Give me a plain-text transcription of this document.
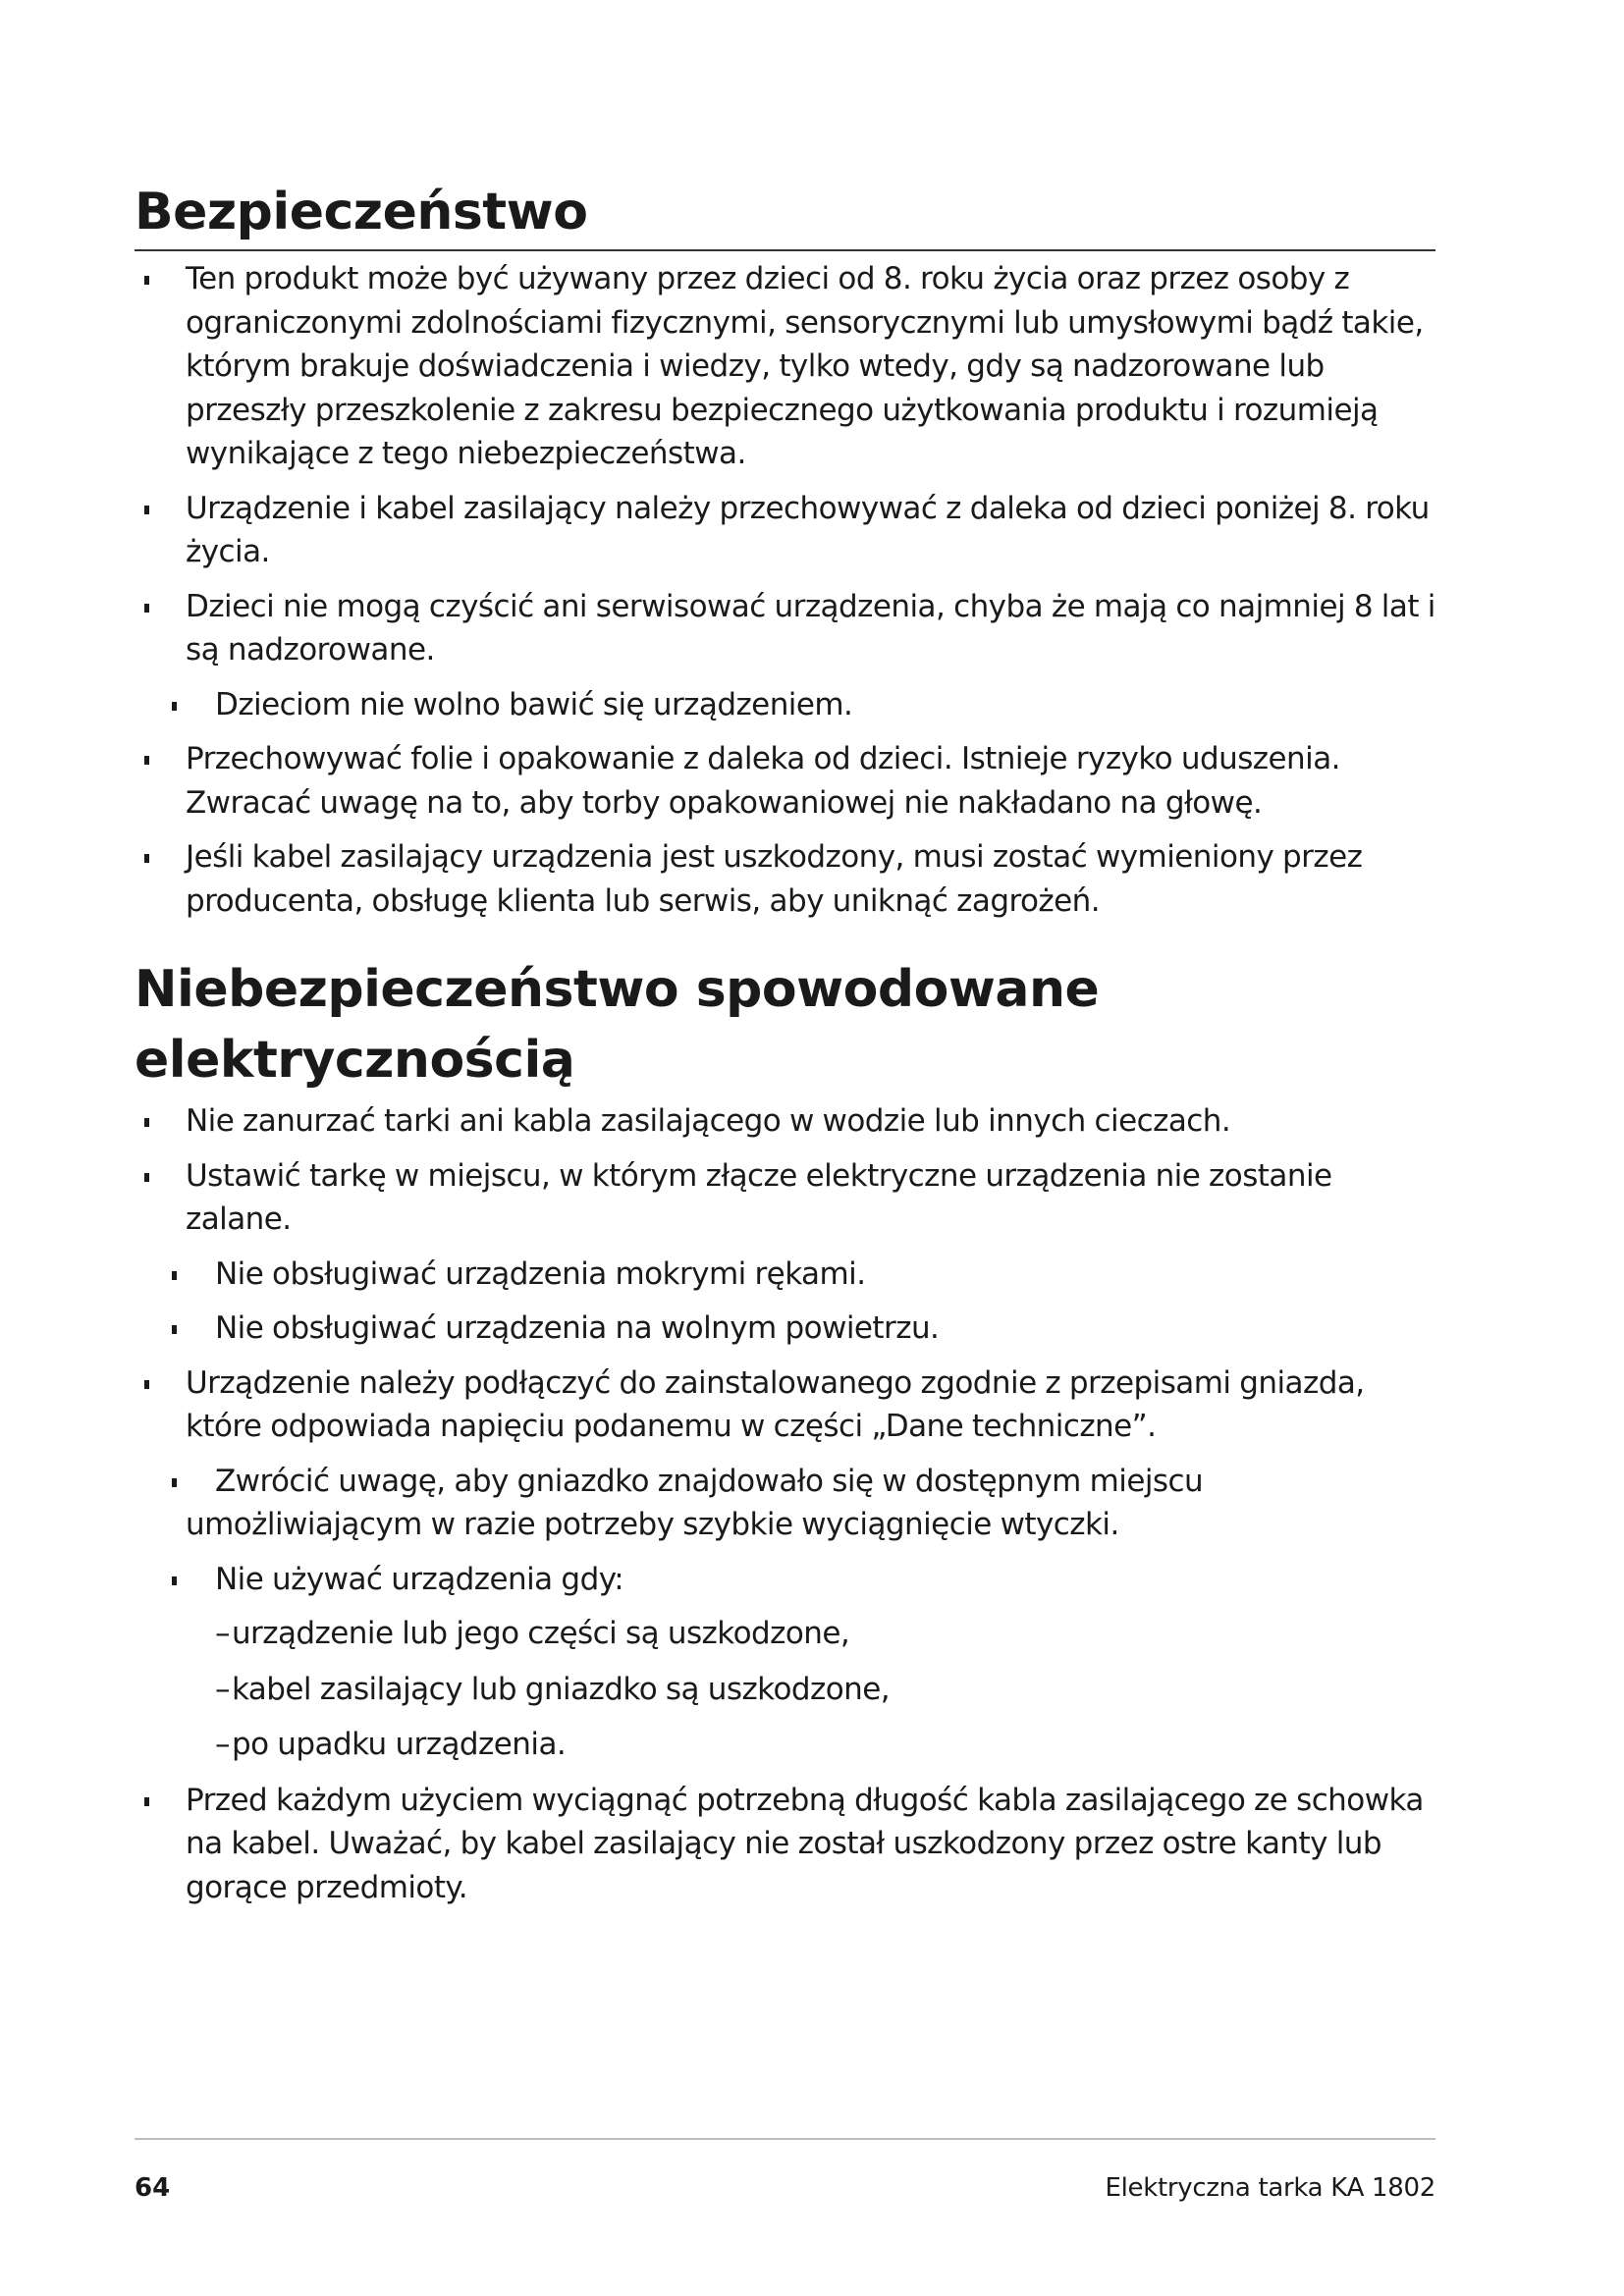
Bezpieczeństwo
Ten produkt może być używany przez dzieci od 8. roku życia oraz przez osoby z ograniczonymi zdolnościami fizycznymi, sensorycznymi lub umysłowymi bądź takie, którym brakuje doświadczenia i wiedzy, tylko wtedy, gdy są nadzorowane lub przeszły przeszkolenie z zakresu bezpiecznego użytkowania produktu i rozumieją wynikające z tego niebezpieczeństwa.
Urządzenie i kabel zasilający należy przechowywać z daleka od dzieci poniżej 8. roku życia.
Dzieci nie mogą czyścić ani serwisować urządzenia, chyba że mają co najmniej 8 lat i są nadzorowane.
Dzieciom nie wolno bawić się urządzeniem.
Przechowywać folie i opakowanie z daleka od dzieci. Istnieje ryzyko uduszenia. Zwracać uwagę na to, aby torby opakowaniowej nie nakładano na głowę.
Jeśli kabel zasilający urządzenia jest uszkodzony, musi zostać wymieniony przez producenta, obsługę klienta lub serwis, aby uniknąć zagrożeń.
Niebezpieczeństwo spowodowane elektrycznością
Nie zanurzać tarki ani kabla zasilającego w wodzie lub innych cieczach.
Ustawić tarkę w miejscu, w którym złącze elektryczne urządzenia nie zostanie zalane.
Nie obsługiwać urządzenia mokrymi rękami.
Nie obsługiwać urządzenia na wolnym powietrzu.
Urządzenie należy podłączyć do zainstalowanego zgodnie z przepisami gniazda, które odpowiada napięciu podanemu w części „Dane techniczne”.
Zwrócić uwagę, aby gniazdko znajdowało się w dostępnym miejscu umożliwiającym w razie potrzeby szybkie wyciągnięcie wtyczki.
Nie używać urządzenia gdy:
–urządzenie lub jego części są uszkodzone,
–kabel zasilający lub gniazdko są uszkodzone,
–po upadku urządzenia.
Przed każdym użyciem wyciągnąć potrzebną długość kabla zasilającego ze schowka na kabel. Uważać, by kabel zasilający nie został uszkodzony przez ostre kanty lub gorące przedmioty.
64	Elektryczna tarka KA 1802
